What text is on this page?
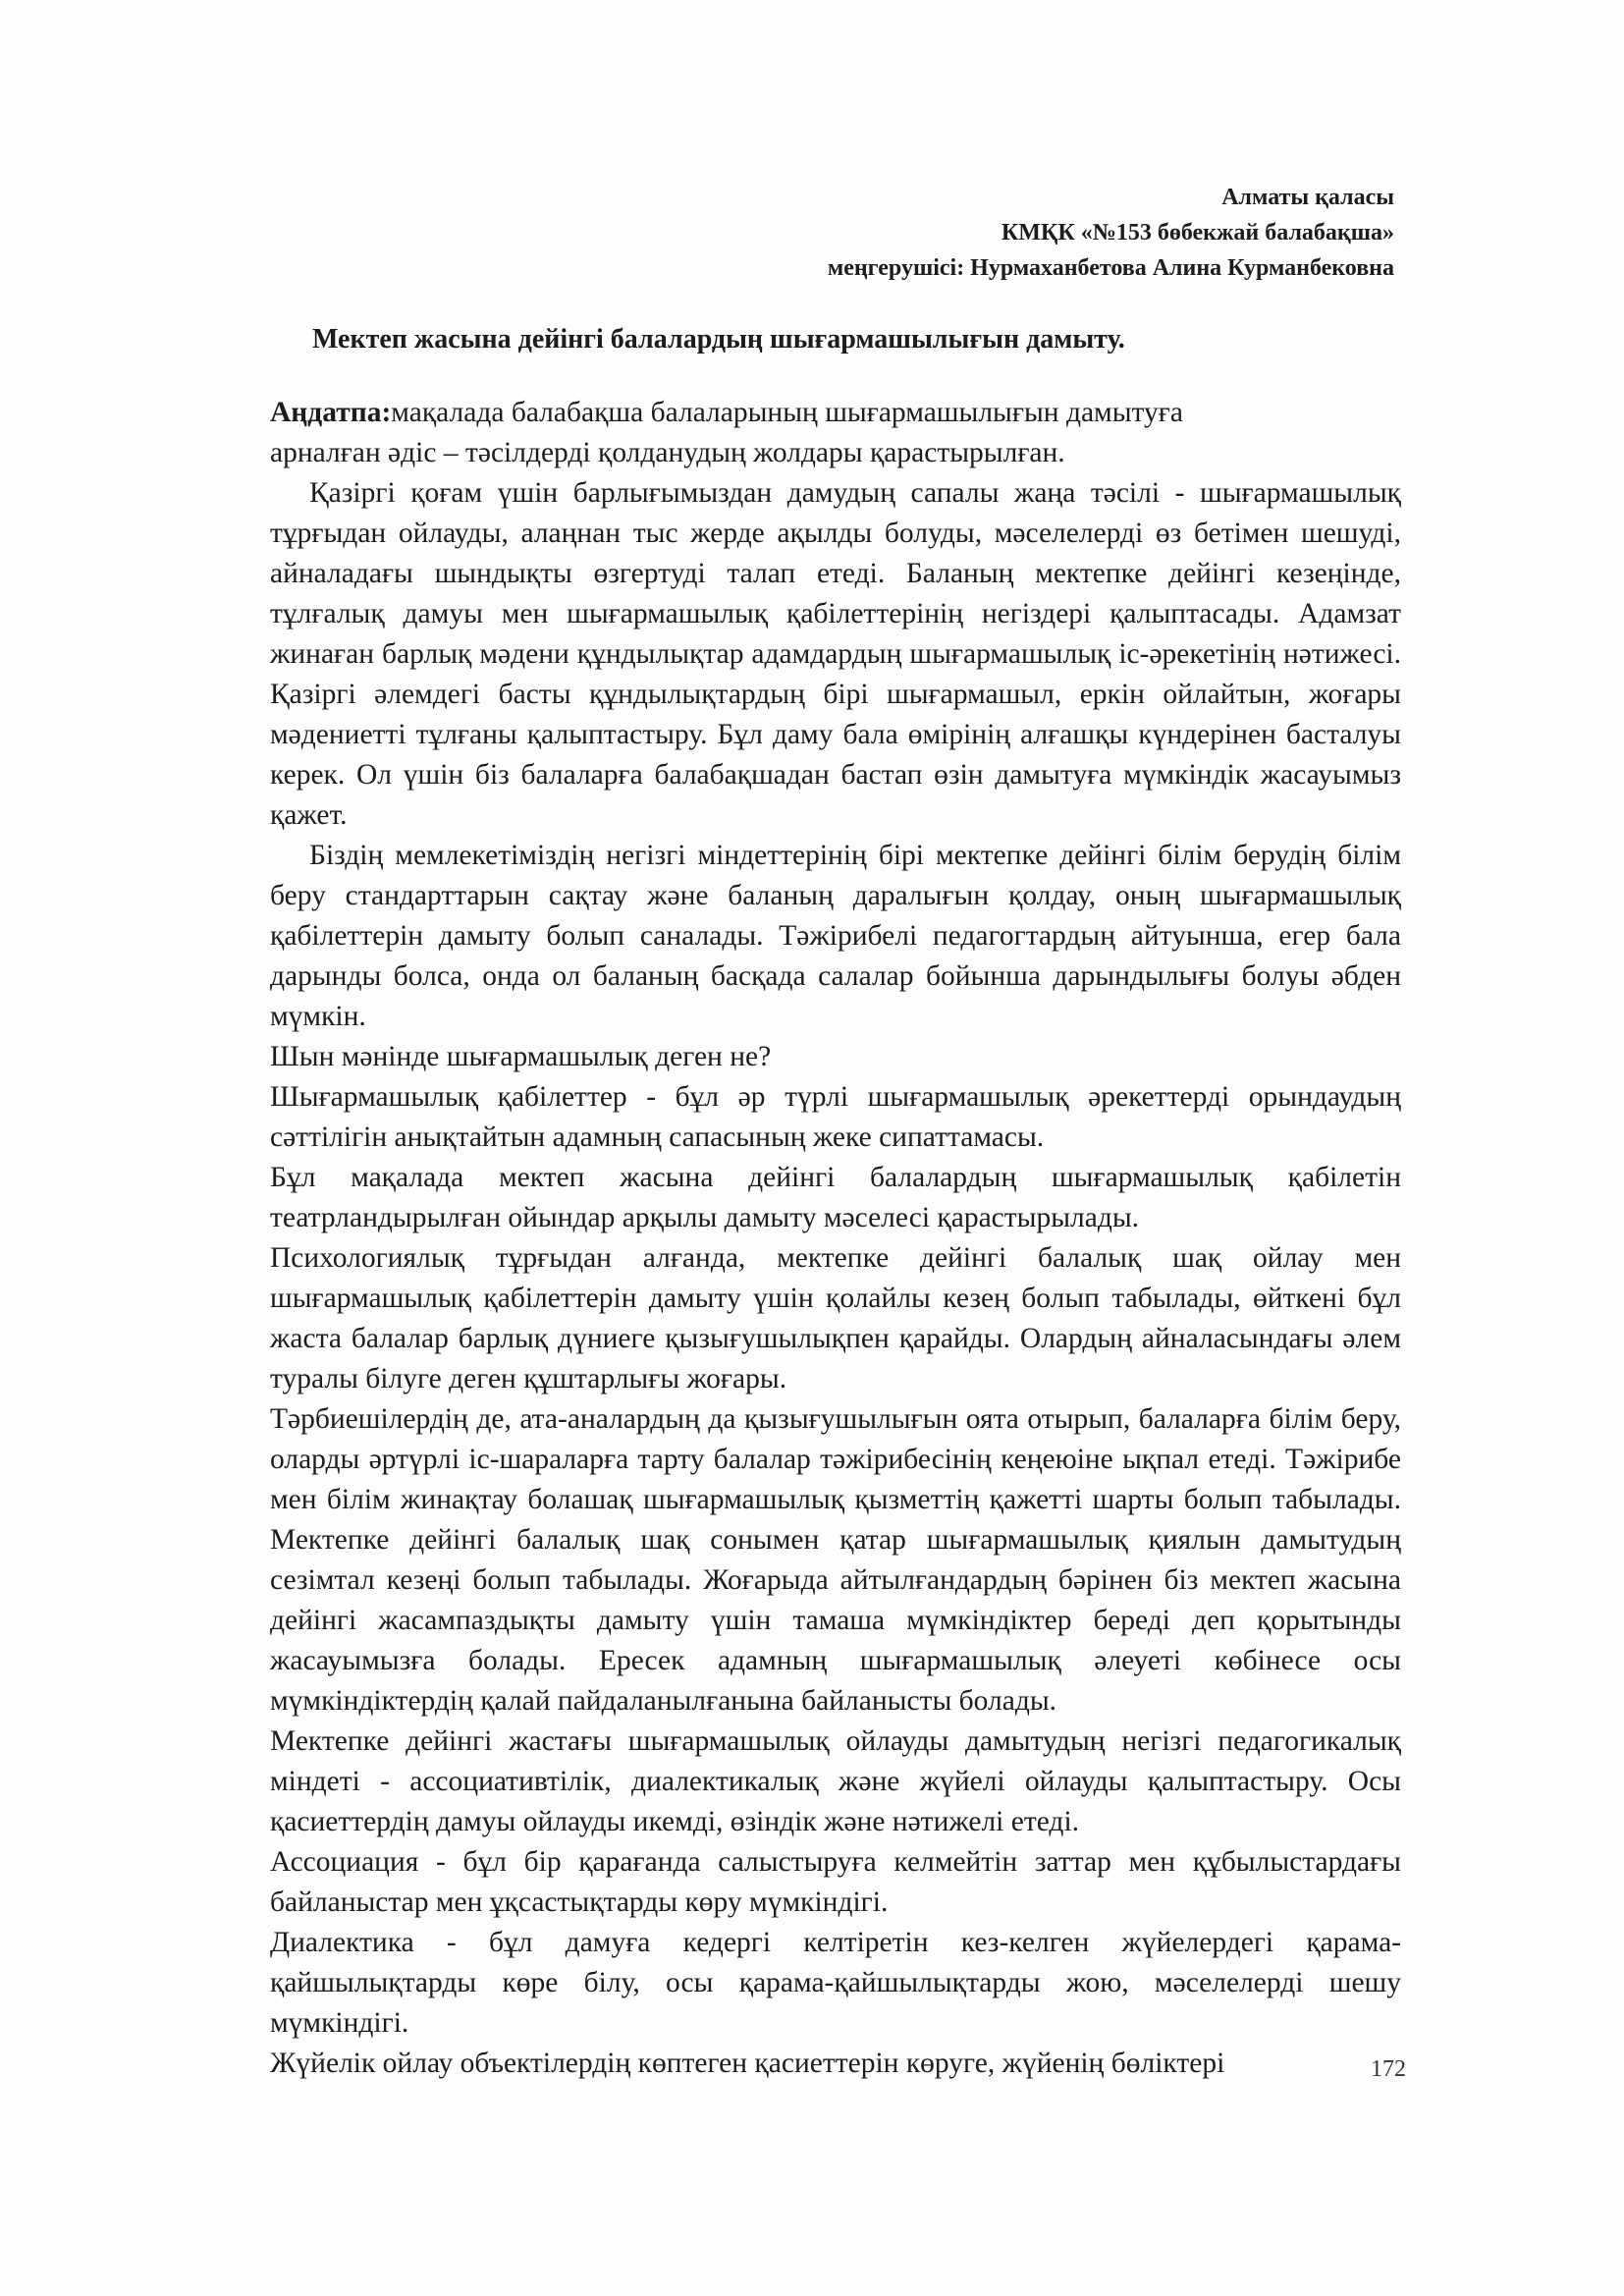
Алматы қаласы
КМҚК «№153 бөбекжай балабақша»
меңгерушісі: Нурмаханбетова Алина Курманбековна
Мектеп жасына дейінгі балалардың шығармашылығын дамыту.

Аңдатпа:мақалада балабақша балаларының шығармашылығын дамытуға арналған әдіс – тәсілдерді қолданудың жолдары қарастырылған.

Қазіргі қоғам үшін барлығымыздан дамудың сапалы жаңа тәсілі - шығармашылық тұрғыдан ойлауды, алаңнан тыс жерде ақылды болуды, мәселелерді өз бетімен шешуді, айналадағы шындықты өзгертуді талап етеді. Баланың мектепке дейінгі кезеңінде, тұлғалық дамуы мен шығармашылық қабілеттерінің негіздері қалыптасады. Адамзат жинаған барлық мәдени құндылықтар адамдардың шығармашылық іс-әрекетінің нәтижесі. Қазіргі әлемдегі басты құндылықтардың бірі шығармашыл, еркін ойлайтын, жоғары мәдениетті тұлғаны қалыптастыру. Бұл даму бала өмірінің алғашқы күндерінен басталуы керек. Ол үшін біз балаларға балабақшадан бастап өзін дамытуға мүмкіндік жасауымыз қажет.

Біздің мемлекетіміздің негізгі міндеттерінің бірі мектепке дейінгі білім берудің білім беру стандарттарын сақтау және баланың даралығын қолдау, оның шығармашылық қабілеттерін дамыту болып саналады. Тәжірибелі педагогтардың айтуынша, егер бала дарынды болса, онда ол баланың басқада салалар бойынша дарындылығы болуы әбден мүмкін.

Шын мәнінде шығармашылық деген не?

Шығармашылық қабілеттер - бұл әр түрлі шығармашылық әрекеттерді орындаудың сәттілігін анықтайтын адамның сапасының жеке сипаттамасы.

Бұл мақалада мектеп жасына дейінгі балалардың шығармашылық қабілетін театрландырылған ойындар арқылы дамыту мәселесі қарастырылады.

Психологиялық тұрғыдан алғанда, мектепке дейінгі балалық шақ ойлау мен шығармашылық қабілеттерін дамыту үшін қолайлы кезең болып табылады, өйткені бұл жаста балалар барлық дүниеге қызығушылықпен қарайды. Олардың айналасындағы әлем туралы білуге деген құштарлығы жоғары.

Тәрбиешілердің де, ата-аналардың да қызығушылығын оята отырып, балаларға білім беру, оларды әртүрлі іс-шараларға тарту балалар тәжірибесінің кеңеюіне ықпал етеді. Тәжірибе мен білім жинақтау болашақ шығармашылық қызметтің қажетті шарты болып табылады. Мектепке дейінгі балалық шақ сонымен қатар шығармашылық қиялын дамытудың сезімтал кезеңі болып табылады. Жоғарыда айтылғандардың бәрінен біз мектеп жасына дейінгі жасампаздықты дамыту үшін тамаша мүмкіндіктер береді деп қорытынды жасауымызға болады. Ересек адамның шығармашылық әлеуеті көбінесе осы мүмкіндіктердің қалай пайдаланылғанына байланысты болады.

Мектепке дейінгі жастағы шығармашылық ойлауды дамытудың негізгі педагогикалық міндеті - ассоциативтілік, диалектикалық және жүйелі ойлауды қалыптастыру. Осы қасиеттердің дамуы ойлауды икемді, өзіндік және нәтижелі етеді.

Ассоциация - бұл бір қарағанда салыстыруға келмейтін заттар мен құбылыстардағы байланыстар мен ұқсастықтарды көру мүмкіндігі.

Диалектика - бұл дамуға кедергі келтіретін кез-келген жүйелердегі қарама-қайшылықтарды көре білу, осы қарама-қайшылықтарды жою, мәселелерді шешу мүмкіндігі.

Жүйелік ойлау объектілердің көптеген қасиеттерін көруге, жүйенің бөліктері	172
